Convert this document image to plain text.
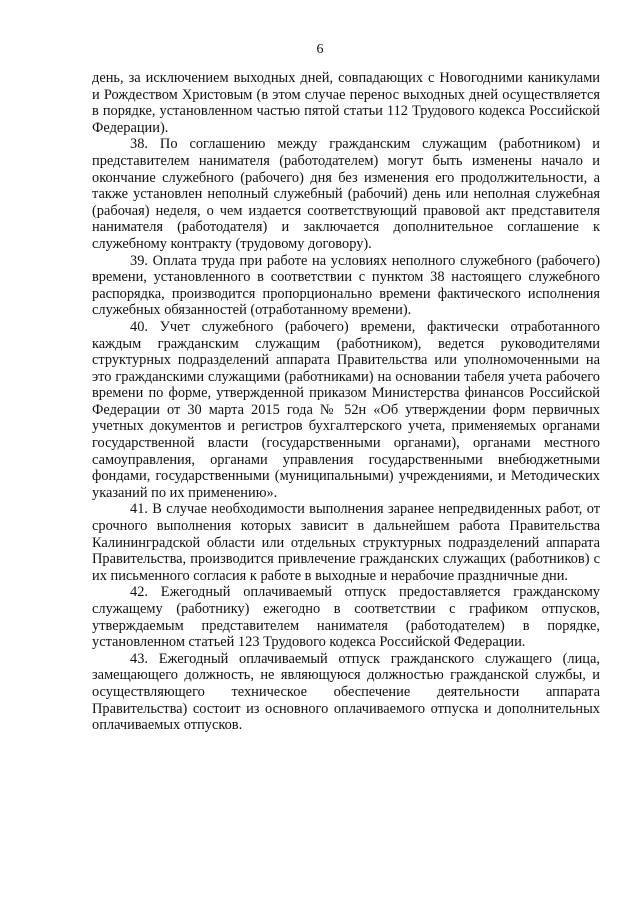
6

день, за исключением выходных дней, совпадающих с Новогодними каникулами и Рождеством Христовым (в этом случае перенос выходных дней осуществляется в порядке, установленном частью пятой статьи 112 Трудового кодекса Российской Федерации).

38. По соглашению между гражданским служащим (работником) и представителем нанимателя (работодателем) могут быть изменены начало и окончание служебного (рабочего) дня без изменения его продолжительности, а также установлен неполный служебный (рабочий) день или неполная служебная (рабочая) неделя, о чем издается соответствующий правовой акт представителя нанимателя (работодателя) и заключается дополнительное соглашение к служебному контракту (трудовому договору).

39. Оплата труда при работе на условиях неполного служебного (рабочего) времени, установленного в соответствии с пунктом 38 настоящего служебного распорядка, производится пропорционально времени фактического исполнения служебных обязанностей (отработанному времени).

40. Учет служебного (рабочего) времени, фактически отработанного каждым гражданским служащим (работником), ведется руководителями структурных подразделений аппарата Правительства или уполномоченными на это гражданскими служащими (работниками) на основании табеля учета рабочего времени по форме, утвержденной приказом Министерства финансов Российской Федерации от 30 марта 2015 года № 52н «Об утверждении форм первичных учетных документов и регистров бухгалтерского учета, применяемых органами государственной власти (государственными органами), органами местного самоуправления, органами управления государственными внебюджетными фондами, государственными (муниципальными) учреждениями, и Методических указаний по их применению».

41. В случае необходимости выполнения заранее непредвиденных работ, от срочного выполнения которых зависит в дальнейшем работа Правительства Калининградской области или отдельных структурных подразделений аппарата Правительства, производится привлечение гражданских служащих (работников) с их письменного согласия к работе в выходные и нерабочие праздничные дни.

42. Ежегодный оплачиваемый отпуск предоставляется гражданскому служащему (работнику) ежегодно в соответствии с графиком отпусков, утверждаемым представителем нанимателя (работодателем) в порядке, установленном статьей 123 Трудового кодекса Российской Федерации.

43. Ежегодный оплачиваемый отпуск гражданского служащего (лица, замещающего должность, не являющуюся должностью гражданской службы, и осуществляющего техническое обеспечение деятельности аппарата Правительства) состоит из основного оплачиваемого отпуска и дополнительных оплачиваемых отпусков.
